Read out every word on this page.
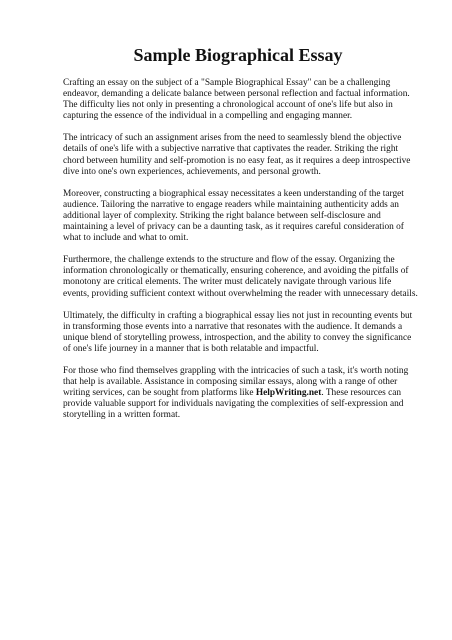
Sample Biographical Essay

Crafting an essay on the subject of a "Sample Biographical Essay" can be a challenging endeavor, demanding a delicate balance between personal reflection and factual information. The difficulty lies not only in presenting a chronological account of one's life but also in capturing the essence of the individual in a compelling and engaging manner.

The intricacy of such an assignment arises from the need to seamlessly blend the objective details of one's life with a subjective narrative that captivates the reader. Striking the right chord between humility and self-promotion is no easy feat, as it requires a deep introspective dive into one's own experiences, achievements, and personal growth.

Moreover, constructing a biographical essay necessitates a keen understanding of the target audience. Tailoring the narrative to engage readers while maintaining authenticity adds an additional layer of complexity. Striking the right balance between self-disclosure and maintaining a level of privacy can be a daunting task, as it requires careful consideration of what to include and what to omit.

Furthermore, the challenge extends to the structure and flow of the essay. Organizing the information chronologically or thematically, ensuring coherence, and avoiding the pitfalls of monotony are critical elements. The writer must delicately navigate through various life events, providing sufficient context without overwhelming the reader with unnecessary details.

Ultimately, the difficulty in crafting a biographical essay lies not just in recounting events but in transforming those events into a narrative that resonates with the audience. It demands a unique blend of storytelling prowess, introspection, and the ability to convey the significance of one's life journey in a manner that is both relatable and impactful.

For those who find themselves grappling with the intricacies of such a task, it's worth noting that help is available. Assistance in composing similar essays, along with a range of other writing services, can be sought from platforms like HelpWriting.net. These resources can provide valuable support for individuals navigating the complexities of self-expression and storytelling in a written format.
